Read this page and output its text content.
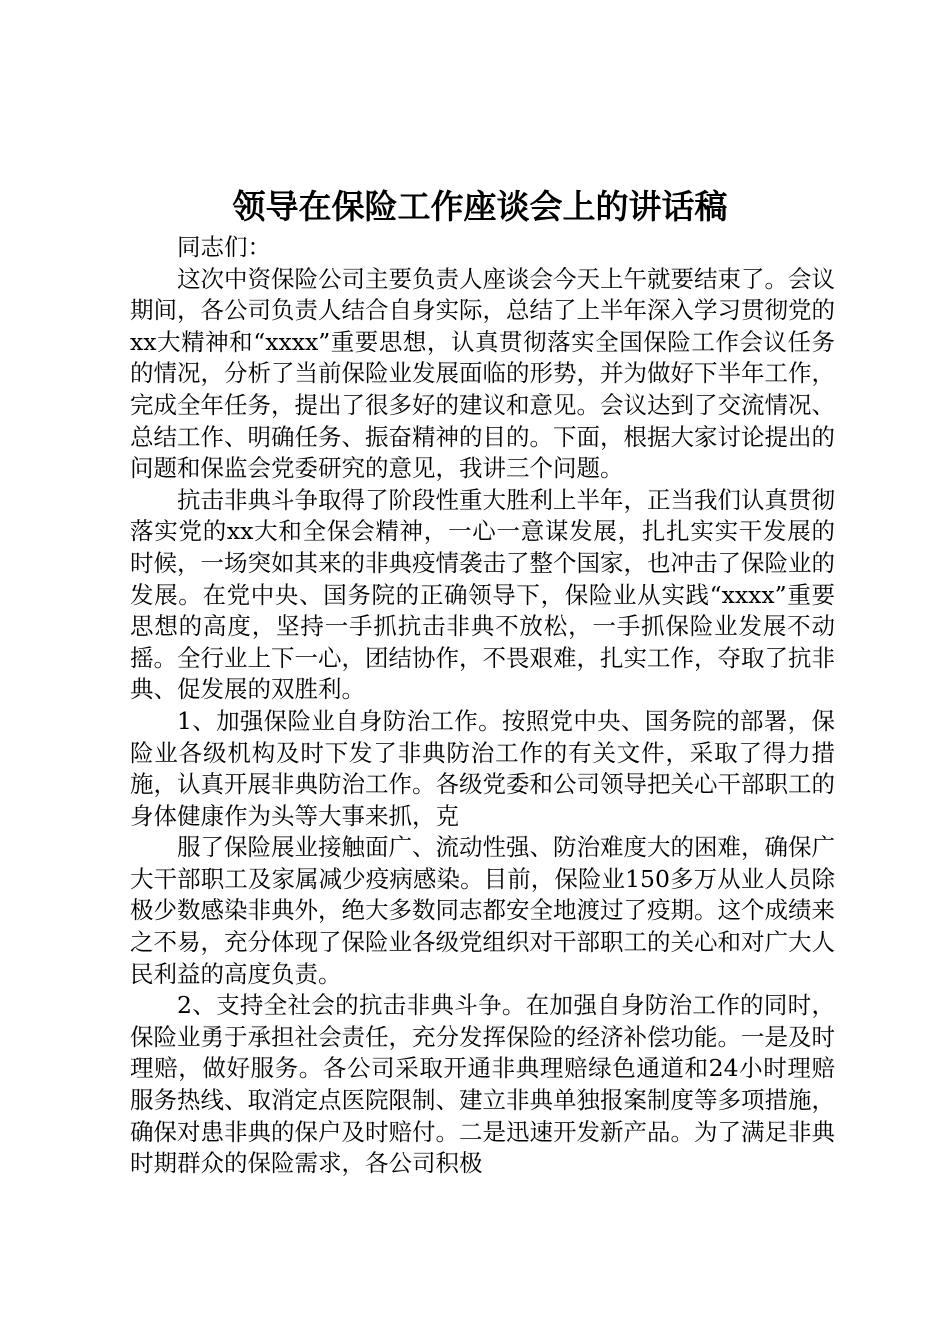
领导在保险工作座谈会上的讲话稿

同志们：

这次中资保险公司主要负责人座谈会今天上午就要结束了。会议期间，各公司负责人结合自身实际，总结了上半年深入学习贯彻党的xx大精神和“xxxx”重要思想，认真贯彻落实全国保险工作会议任务的情况，分析了当前保险业发展面临的形势，并为做好下半年工作，完成全年任务，提出了很多好的建议和意见。会议达到了交流情况、总结工作、明确任务、振奋精神的目的。下面，根据大家讨论提出的问题和保监会党委研究的意见，我讲三个问题。

抗击非典斗争取得了阶段性重大胜利上半年，正当我们认真贯彻落实党的xx大和全保会精神，一心一意谋发展，扎扎实实干发展的时候，一场突如其来的非典疫情袭击了整个国家，也冲击了保险业的发展。在党中央、国务院的正确领导下，保险业从实践“xxxx”重要思想的高度，坚持一手抓抗击非典不放松，一手抓保险业发展不动摇。全行业上下一心，团结协作，不畏艰难，扎实工作，夺取了抗非典、促发展的双胜利。

1、加强保险业自身防治工作。按照党中央、国务院的部署，保险业各级机构及时下发了非典防治工作的有关文件，采取了得力措施，认真开展非典防治工作。各级党委和公司领导把关心干部职工的身体健康作为头等大事来抓，克

服了保险展业接触面广、流动性强、防治难度大的困难，确保广大干部职工及家属减少疫病感染。目前，保险业150多万从业人员除极少数感染非典外，绝大多数同志都安全地渡过了疫期。这个成绩来之不易，充分体现了保险业各级党组织对干部职工的关心和对广大人民利益的高度负责。

2、支持全社会的抗击非典斗争。在加强自身防治工作的同时，保险业勇于承担社会责任，充分发挥保险的经济补偿功能。一是及时理赔，做好服务。各公司采取开通非典理赔绿色通道和24小时理赔服务热线、取消定点医院限制、建立非典单独报案制度等多项措施，确保对患非典的保户及时赔付。二是迅速开发新产品。为了满足非典时期群众的保险需求，各公司积极
